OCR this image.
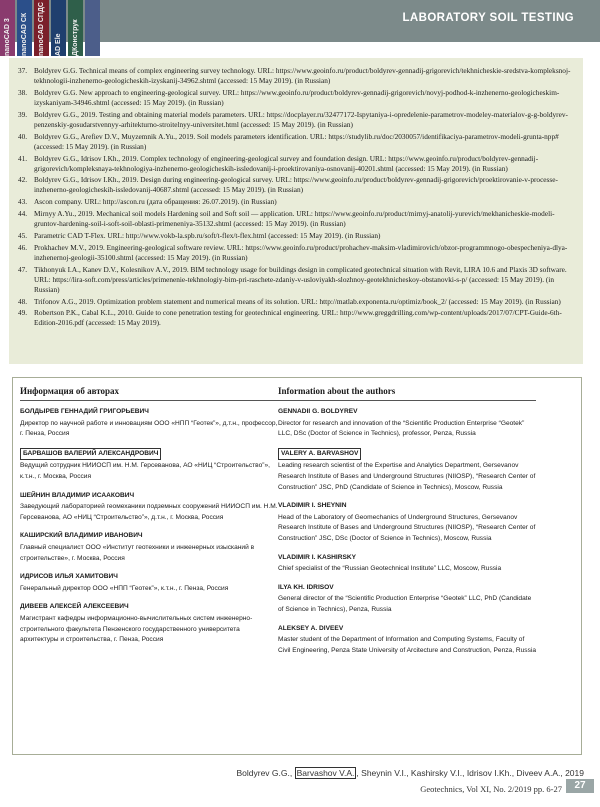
nanoCAD 3	nanoCAD СК	nanoCAD СПДС	AD Ele	ДКонструк
LABORATORY SOIL TESTING
37. Boldyrev G.G. Technical means of complex engineering survey technology. URL: https://www.geoinfo.ru/product/boldyrev-gennadij-grigorevich/tekhnicheskie-sredstva-kompleksnoj-tekhnologii-inzhenerno-geologicheskih-izyskanij-34962.shtml (accessed: 15 May 2019). (in Russian)
38. Boldyrev G.G. New approach to engineering-geological survey. URL: https://www.geoinfo.ru/product/boldyrev-gennadij-grigorevich/novyj-podhod-k-inzhenerno-geologicheskim-izyskaniyam-34946.shtml (accessed: 15 May 2019). (in Russian)
39. Boldyrev G.G., 2019. Testing and obtaining material models parameters. URL: https://docplayer.ru/32477172-Ispytaniya-i-opredelenie-parametrov-modeley-materialov-g-g-boldyrev-penzenskiy-gosudarstvennyy-arhitekturno-stroitelnyy-universitet.html (accessed: 15 May 2019). (in Russian)
40. Boldyrev G.G., Arefiev D.V., Muyzemnik A.Yu., 2019. Soil models parameters identification. URL: https://studylib.ru/doc/2030057/identifikaciya-parametrov-modeli-grunta-npp# (accessed: 15 May 2019). (in Russian)
41. Boldyrev G.G., Idrisov I.Kh., 2019. Complex technology of engineering-geological survey and foundation design. URL: https://www.geoinfo.ru/product/boldyrev-gennadij-grigorevich/kompleksnaya-tekhnologiya-inzhenerno-geologicheskih-issledovanij-i-proektirovaniya-osnovanij-40201.shtml (accessed: 15 May 2019). (in Russian)
42. Boldyrev G.G., Idrisov I.Kh., 2019. Design during engineering-geological survey. URL: https://www.geoinfo.ru/product/boldyrev-gennadij-grigorevich/proektirovanie-v-processe-inzhenerno-geologicheskih-issledovanij-40687.shtml (accessed: 15 May 2019). (in Russian)
43. Ascon company. URL: http://ascon.ru (дата обращения: 26.07.2019). (in Russian)
44. Mirnyy A.Yu., 2019. Mechanical soil models Hardening soil and Soft soil — application. URL: https://www.geoinfo.ru/product/mirnyj-anatolij-yurevich/mekhanicheskie-modeli-gruntov-hardening-soil-i-soft-soil-oblasti-primeneniya-35132.shtml (accessed: 15 May 2019). (in Russian)
45. Parametric CAD T-Flex. URL: http://www.vokb-la.spb.ru/soft/t-flex/t-flex.html (accessed: 15 May 2019). (in Russian)
46. Prokhachev M.V., 2019. Engineering-geological software review. URL: https://www.geoinfo.ru/product/prohachev-maksim-vladimirovich/obzor-programmnogo-obespecheniya-dlya-inzhenernoj-geologii-35100.shtml (accessed: 15 May 2019). (in Russian)
47. Tikhonyuk I.A., Kanev D.V., Kolesnikov A.V., 2019. BIM technology usage for buildings design in complicated geotechnical situation with Revit, LIRA 10.6 and Plaxis 3D software. URL: https://lira-soft.com/press/articles/primenenie-tekhnologiy-bim-pri-raschete-zdaniy-v-usloviyakh-slozhnoy-geotekhnicheskoy-obstanovki-s-p/ (accessed: 15 May 2019). (in Russian)
48. Trifonov A.G., 2019. Optimization problem statement and numerical means of its solution. URL: http://matlab.exponenta.ru/optimiz/book_2/ (accessed: 15 May 2019). (in Russian)
49. Robertson P.K., Cabal K.L., 2010. Guide to cone penetration testing for geotechnical engineering. URL: http://www.greggdrilling.com/wp-content/uploads/2017/07/CPT-Guide-6th-Edition-2016.pdf (accessed: 15 May 2019).
Информация об авторах
БОЛДЫРЕВ ГЕННАДИЙ ГРИГОРЬЕВИЧ
Директор по научной работе и инновациям ООО «НПП “Геотек”», д.т.н., профессор, г. Пенза, Россия
БАРВАШОВ ВАЛЕРИЙ АЛЕКСАНДРОВИЧ
Ведущий сотрудник НИИОСП им. Н.М. Герсеванова, АО «НИЦ “Строительство”», к.т.н., г. Москва, Россия
ШЕЙНИН ВЛАДИМИР ИСААКОВИЧ
Заведующий лабораторией геомеханики подземных сооружений НИИОСП им. Н.М. Герсеванова, АО «НИЦ “Строительство”», д.т.н., г. Москва, Россия
КАШИРСКИЙ ВЛАДИМИР ИВАНОВИЧ
Главный специалист ООО «Институт геотехники и инженерных изысканий в строительстве», г. Москва, Россия
ИДРИСОВ ИЛЬЯ ХАМИТОВИЧ
Генеральный директор ООО «НПП “Геотек”», к.т.н., г. Пенза, Россия
ДИВЕЕВ АЛЕКСЕЙ АЛЕКСЕЕВИЧ
Магистрант кафедры информационно-вычислительных систем инженерно-строительного факультета Пензенского государственного университета архитектуры и строительства, г. Пенза, Россия
Information about the authors
GENNADII G. BOLDYREV
Director for research and innovation of the “Scientific Production Enterprise “Geotek” LLC, DSc (Doctor of Science in Technics), professor, Penza, Russia
VALERY A. BARVASHOV
Leading research scientist of the Expertise and Analytics Department, Gersevanov Research Institute of Bases and Underground Structures (NIIOSP), “Research Center of Construction” JSC, PhD (Candidate of Science in Technics), Moscow, Russia
VLADIMIR I. SHEYNIN
Head of the Laboratory of Geomechanics of Underground Structures, Gersevanov Research Institute of Bases and Underground Structures (NIIOSP), “Research Center of Construction” JSC, DSc (Doctor of Science in Technics), Moscow, Russia
VLADIMIR I. KASHIRSKY
Chief specialist of the “Russian Geotechnical Institute” LLC, Moscow, Russia
ILYA KH. IDRISOV
General director of the “Scientific Production Enterprise “Geotek” LLC, PhD (Candidate of Science in Technics), Penza, Russia
ALEKSEY A. DIVEEV
Master student of the Department of Information and Computing Systems, Faculty of Civil Engineering, Penza State University of Arcitecture and Construction, Penza, Russia
Boldyrev G.G., Barvashov V.A. , Sheynin V.I., Kashirsky V.I., Idrisov I.Kh., Diveev A.A., 2019
Geotechnics, Vol XI, No. 2/2019 pp. 6-27	27
